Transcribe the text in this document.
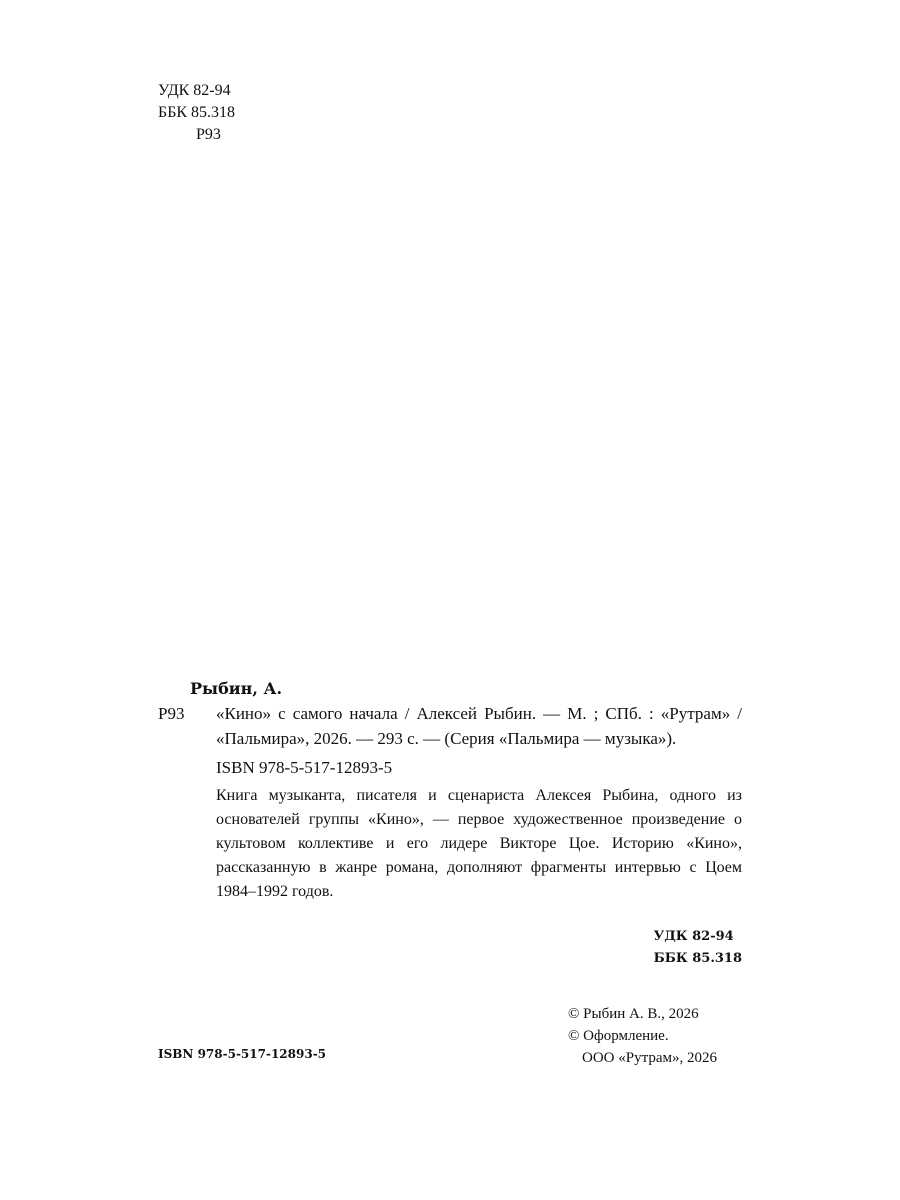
УДК 82-94
ББК 85.318
Р93
Рыбин, А.
Р93	«Кино» с самого начала / Алексей Рыбин. — М. ; СПб. : «Рутрам» / «Пальмира», 2026. — 293 с. — (Серия «Пальмира — музыка»).
ISBN 978-5-517-12893-5
Книга музыканта, писателя и сценариста Алексея Рыбина, одного из основателей группы «Кино», — первое художественное произведение о культовом коллективе и его лидере Викторе Цое. Историю «Кино», рассказанную в жанре романа, дополняют фрагменты интервью с Цоем 1984–1992 годов.
УДК 82-94
ББК 85.318
© Рыбин А. В., 2026
© Оформление.
ООО «Рутрам», 2026
ISBN 978-5-517-12893-5
